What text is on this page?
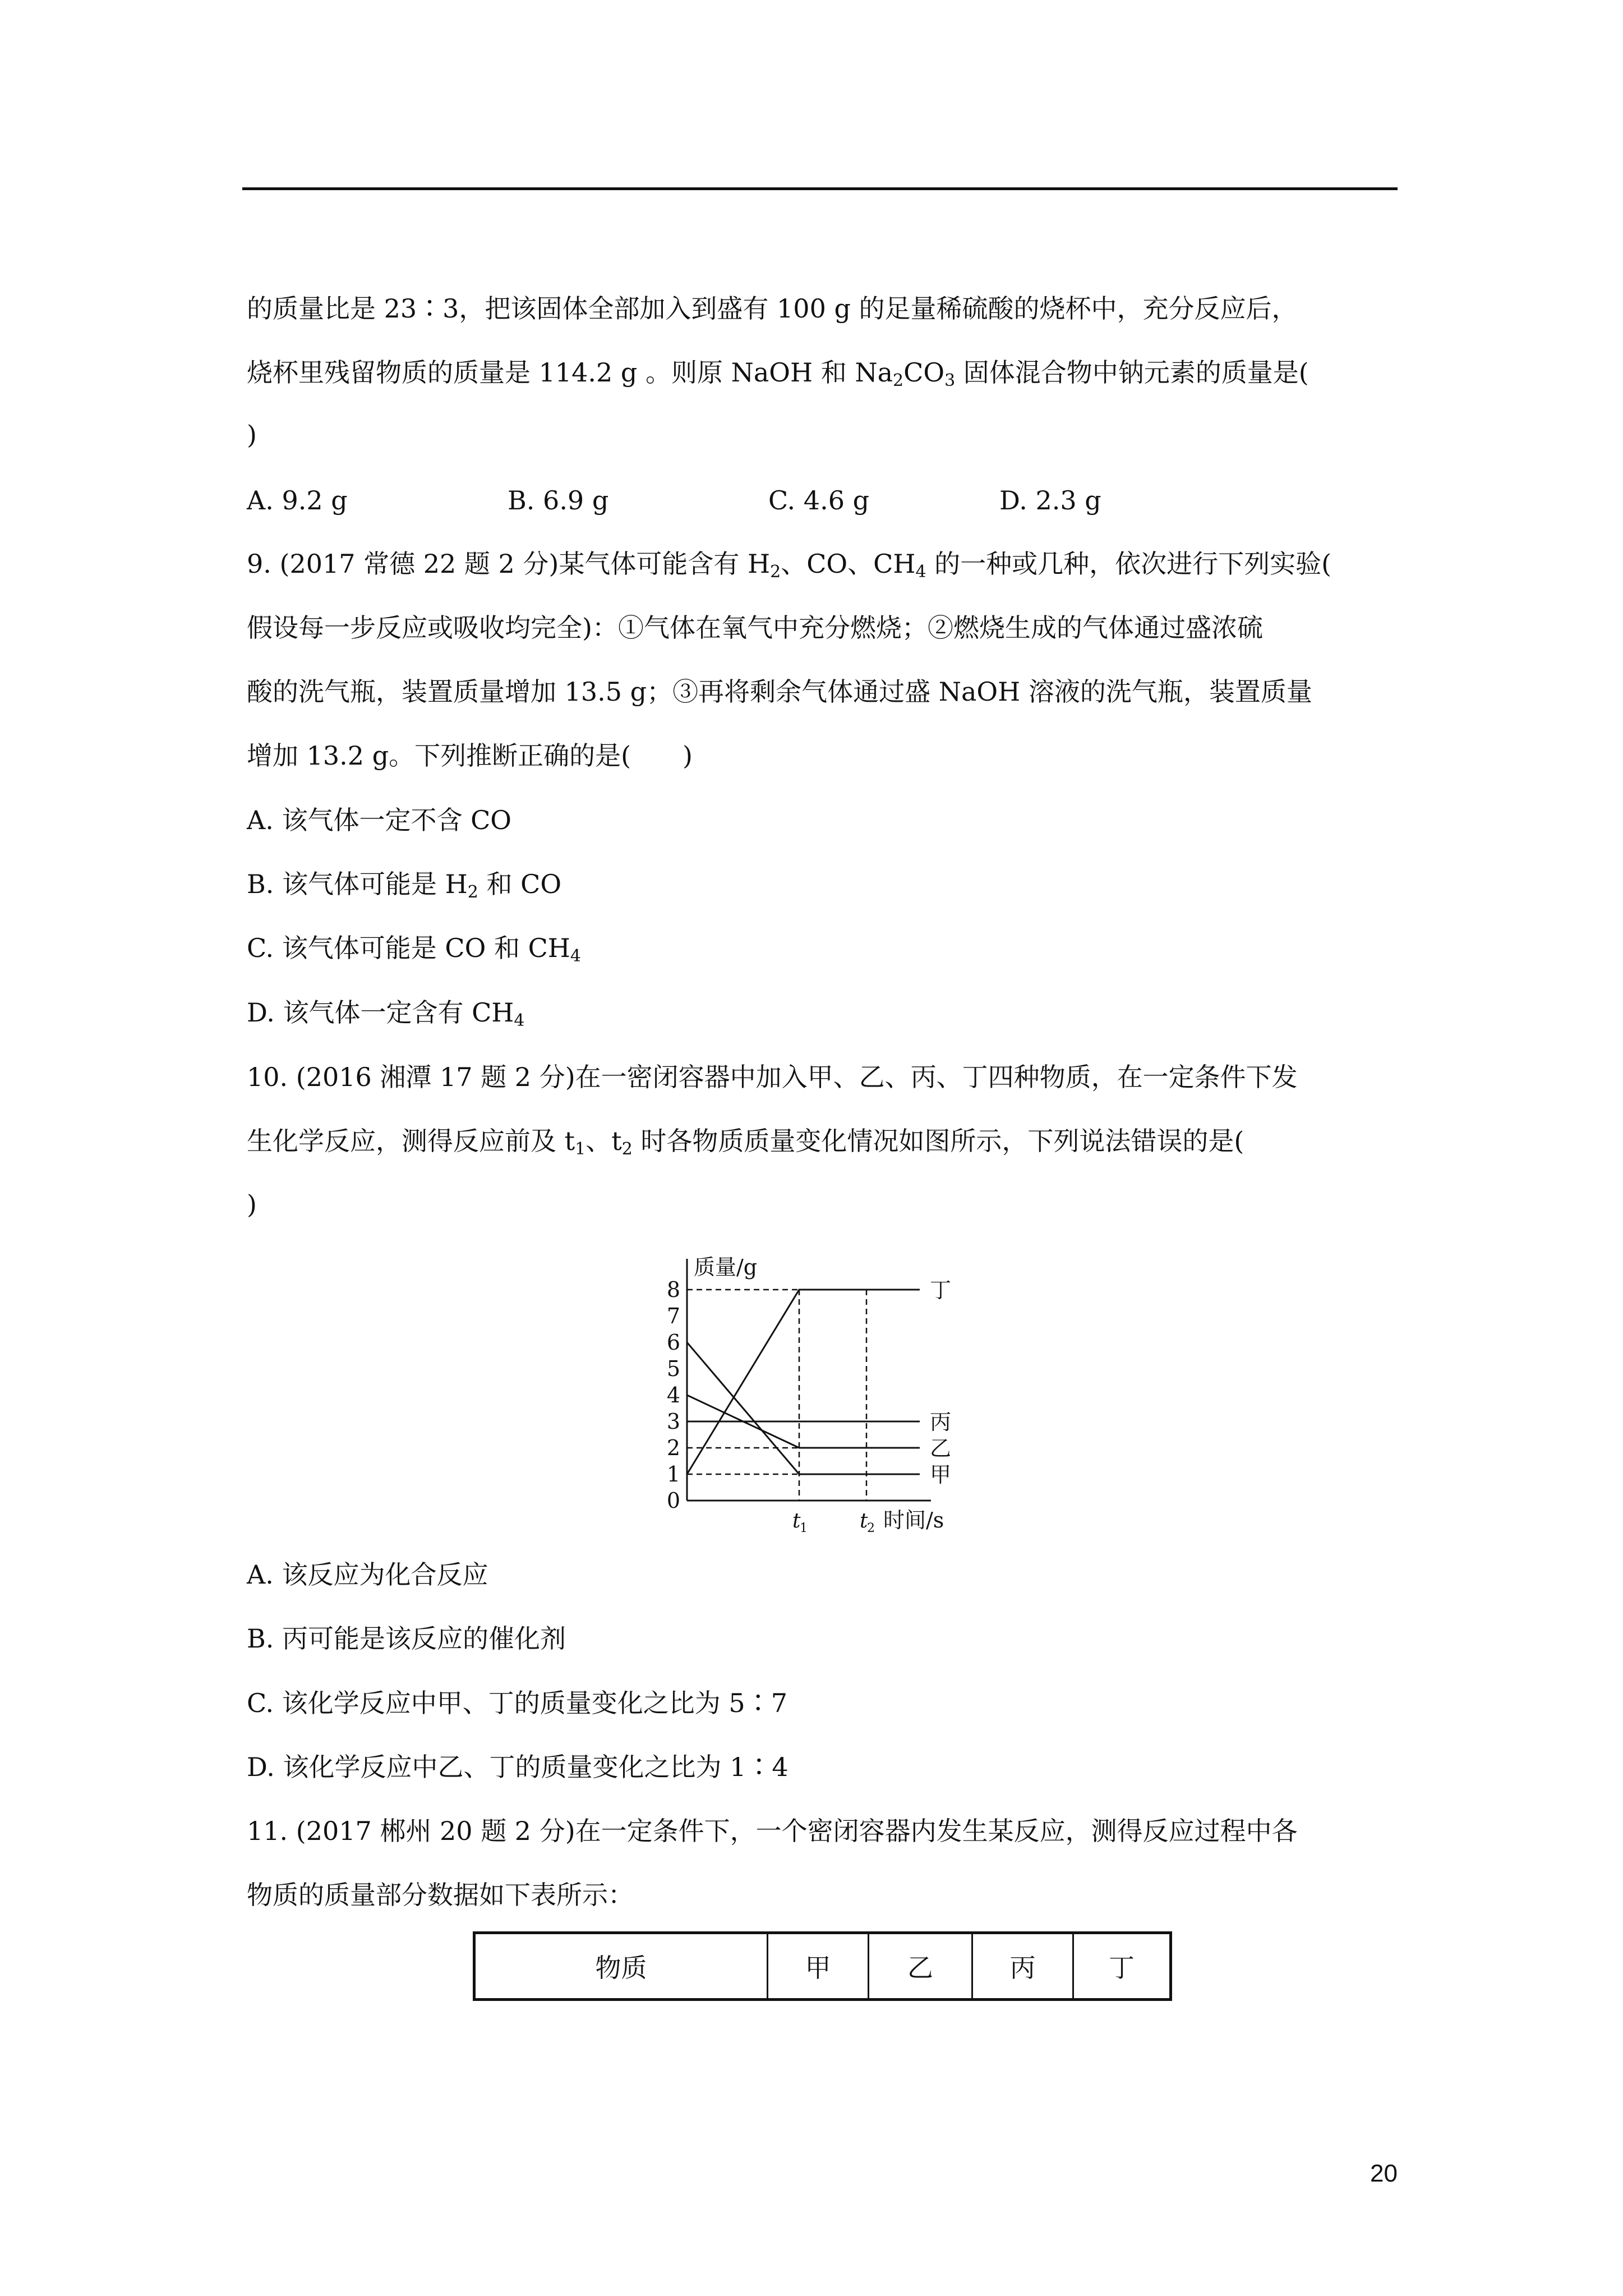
的质量比是 23∶3，把该固体全部加入到盛有 100 g 的足量稀硫酸的烧杯中，充分反应后，
烧杯里残留物质的质量是 114.2 g 。则原 NaOH 和 $Na_2CO_3$ 固体混合物中钠元素的质量是(
)
A. 9.2 g	B. 6.9 g	C. 4.6 g	D. 2.3 g
9. (2017 常德 22 题 2 分)某气体可能含有 $H_2$、CO、$CH_4$ 的一种或几种，依次进行下列实验(
假设每一步反应或吸收均完全)：①气体在氧气中充分燃烧；②燃烧生成的气体通过盛浓硫
酸的洗气瓶，装置质量增加 13.5 g；③再将剩余气体通过盛 NaOH 溶液的洗气瓶，装置质量
增加 13.2 g。下列推断正确的是(　　)
A. 该气体一定不含 CO
B. 该气体可能是 $H_2$ 和 CO
C. 该气体可能是 CO 和 $CH_4$
D. 该气体一定含有 $CH_4$
10. (2016 湘潭 17 题 2 分)在一密闭容器中加入甲、乙、丙、丁四种物质，在一定条件下发
生化学反应，测得反应前及 $t_1$、$t_2$ 时各物质质量变化情况如图所示，下列说法错误的是(
)
0
1
2
3
4
5
6
7
8
质量/g
时间/s
t
1	t
2
丁
丙
乙
甲
A. 该反应为化合反应
B. 丙可能是该反应的催化剂
C. 该化学反应中甲、丁的质量变化之比为 5∶7
D. 该化学反应中乙、丁的质量变化之比为 1∶4
11. (2017 郴州 20 题 2 分)在一定条件下，一个密闭容器内发生某反应，测得反应过程中各
物质的质量部分数据如下表所示：
物质	甲	乙	丙	丁
20
